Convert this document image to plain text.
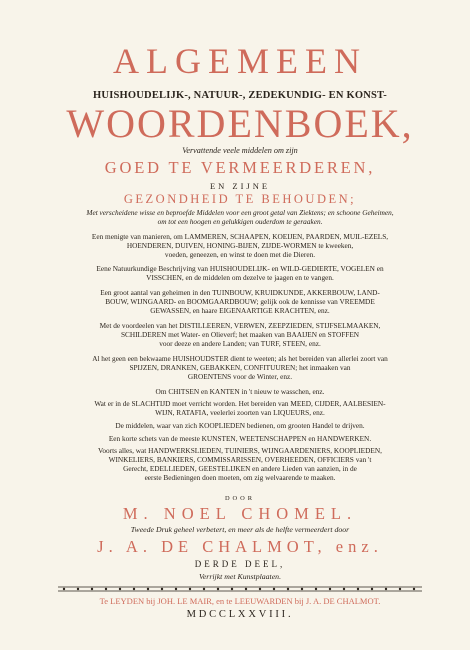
ALGEMEEN
HUISHOUDELIJK-, NATUUR-, ZEDEKUNDIG- EN KONST-
WOORDENBOEK,
Vervattende veele middelen om zijn
GOED TE VERMEERDEREN,
EN ZIJNE
GEZONDHEID TE BEHOUDEN;
Met verscheidene wisse en beproefde Middelen voor een groot getal van Ziektens; en schoone Geheimen,
om tot een hoogen en gelukkigen ouderdom te geraaken.
Een menigte van manieren, om LAMMEREN, SCHAAPEN, KOEIJEN, PAARDEN, MUIL-EZELS,
HOENDEREN, DUIVEN, HONING-BIJEN, ZIJDE-WORMEN te kweeken,
voeden, geneezen, en winst te doen met die Dieren.
Eene Natuurkundige Beschrijving van HUISHOUDELIJK- en WILD-GEDIERTE, VOGELEN en
VISSCHEN, en de middelen om dezelve te jaagen en te vangen.
Een groot aantal van geheimen in den TUINBOUW, KRUIDKUNDE, AKKERBOUW, LAND-
BOUW, WIJNGAARD- en BOOMGAARDBOUW; gelijk ook de kennisse van VREEMDE
GEWASSEN, en haare EIGENAARTIGE KRACHTEN, enz.
Met de voordeelen van het DISTILLEEREN, VERWEN, ZEEPZIEDEN, STIJFSELMAAKEN,
SCHILDEREN met Water- en Olieverf; het maaken van BAAIJEN en STOFFEN
voor deeze en andere Landen; van TURF, STEEN, enz.
Al het geen een bekwaame HUISHOUDSTER dient te weeten; als het bereiden van allerlei zoort van
SPIJZEN, DRANKEN, GEBAKKEN, CONFITUUREN; het inmaaken van
GROENTENS voor de Winter, enz.
Om CHITSEN en KANTEN in 't nieuw te wasschen, enz.
Wat er in de SLACHTIJD moet verricht worden. Het bereiden van MEED, CIJDER, AALBESIEN-
WIJN, RATAFIA, veelerlei zoorten van LIQUEURS, enz.
De middelen, waar van zich KOOPLIEDEN bedienen, om grooten Handel te drijven.
Een korte schets van de meeste KUNSTEN, WEETENSCHAPPEN en HANDWERKEN.
Voorts alles, wat HANDWERKSLIEDEN, TUINIERS, WIJNGAARDENIERS, KOOPLIEDEN,
WINKELIERS, BANKIERS, COMMISSARISSEN, OVERHEEDEN, OFFICIERS van 't
Gerecht, EDELLIEDEN, GEESTELIJKEN en andere Lieden van aanzien, in de
eerste Bedieningen doen moeten, om zig welvaarende te maaken.
DOOR
M. NOEL CHOMEL.
Tweede Druk geheel verbetert, en meer als de helfte vermeerdert door
J. A. DE CHALMOT, enz.
DERDE DEEL,
Verrijkt met Kunstplaaten.
Te LEYDEN bij JOH. LE MAIR, en te LEEUWARDEN bij J. A. DE CHALMOT.
MDCCLXXVIII.
